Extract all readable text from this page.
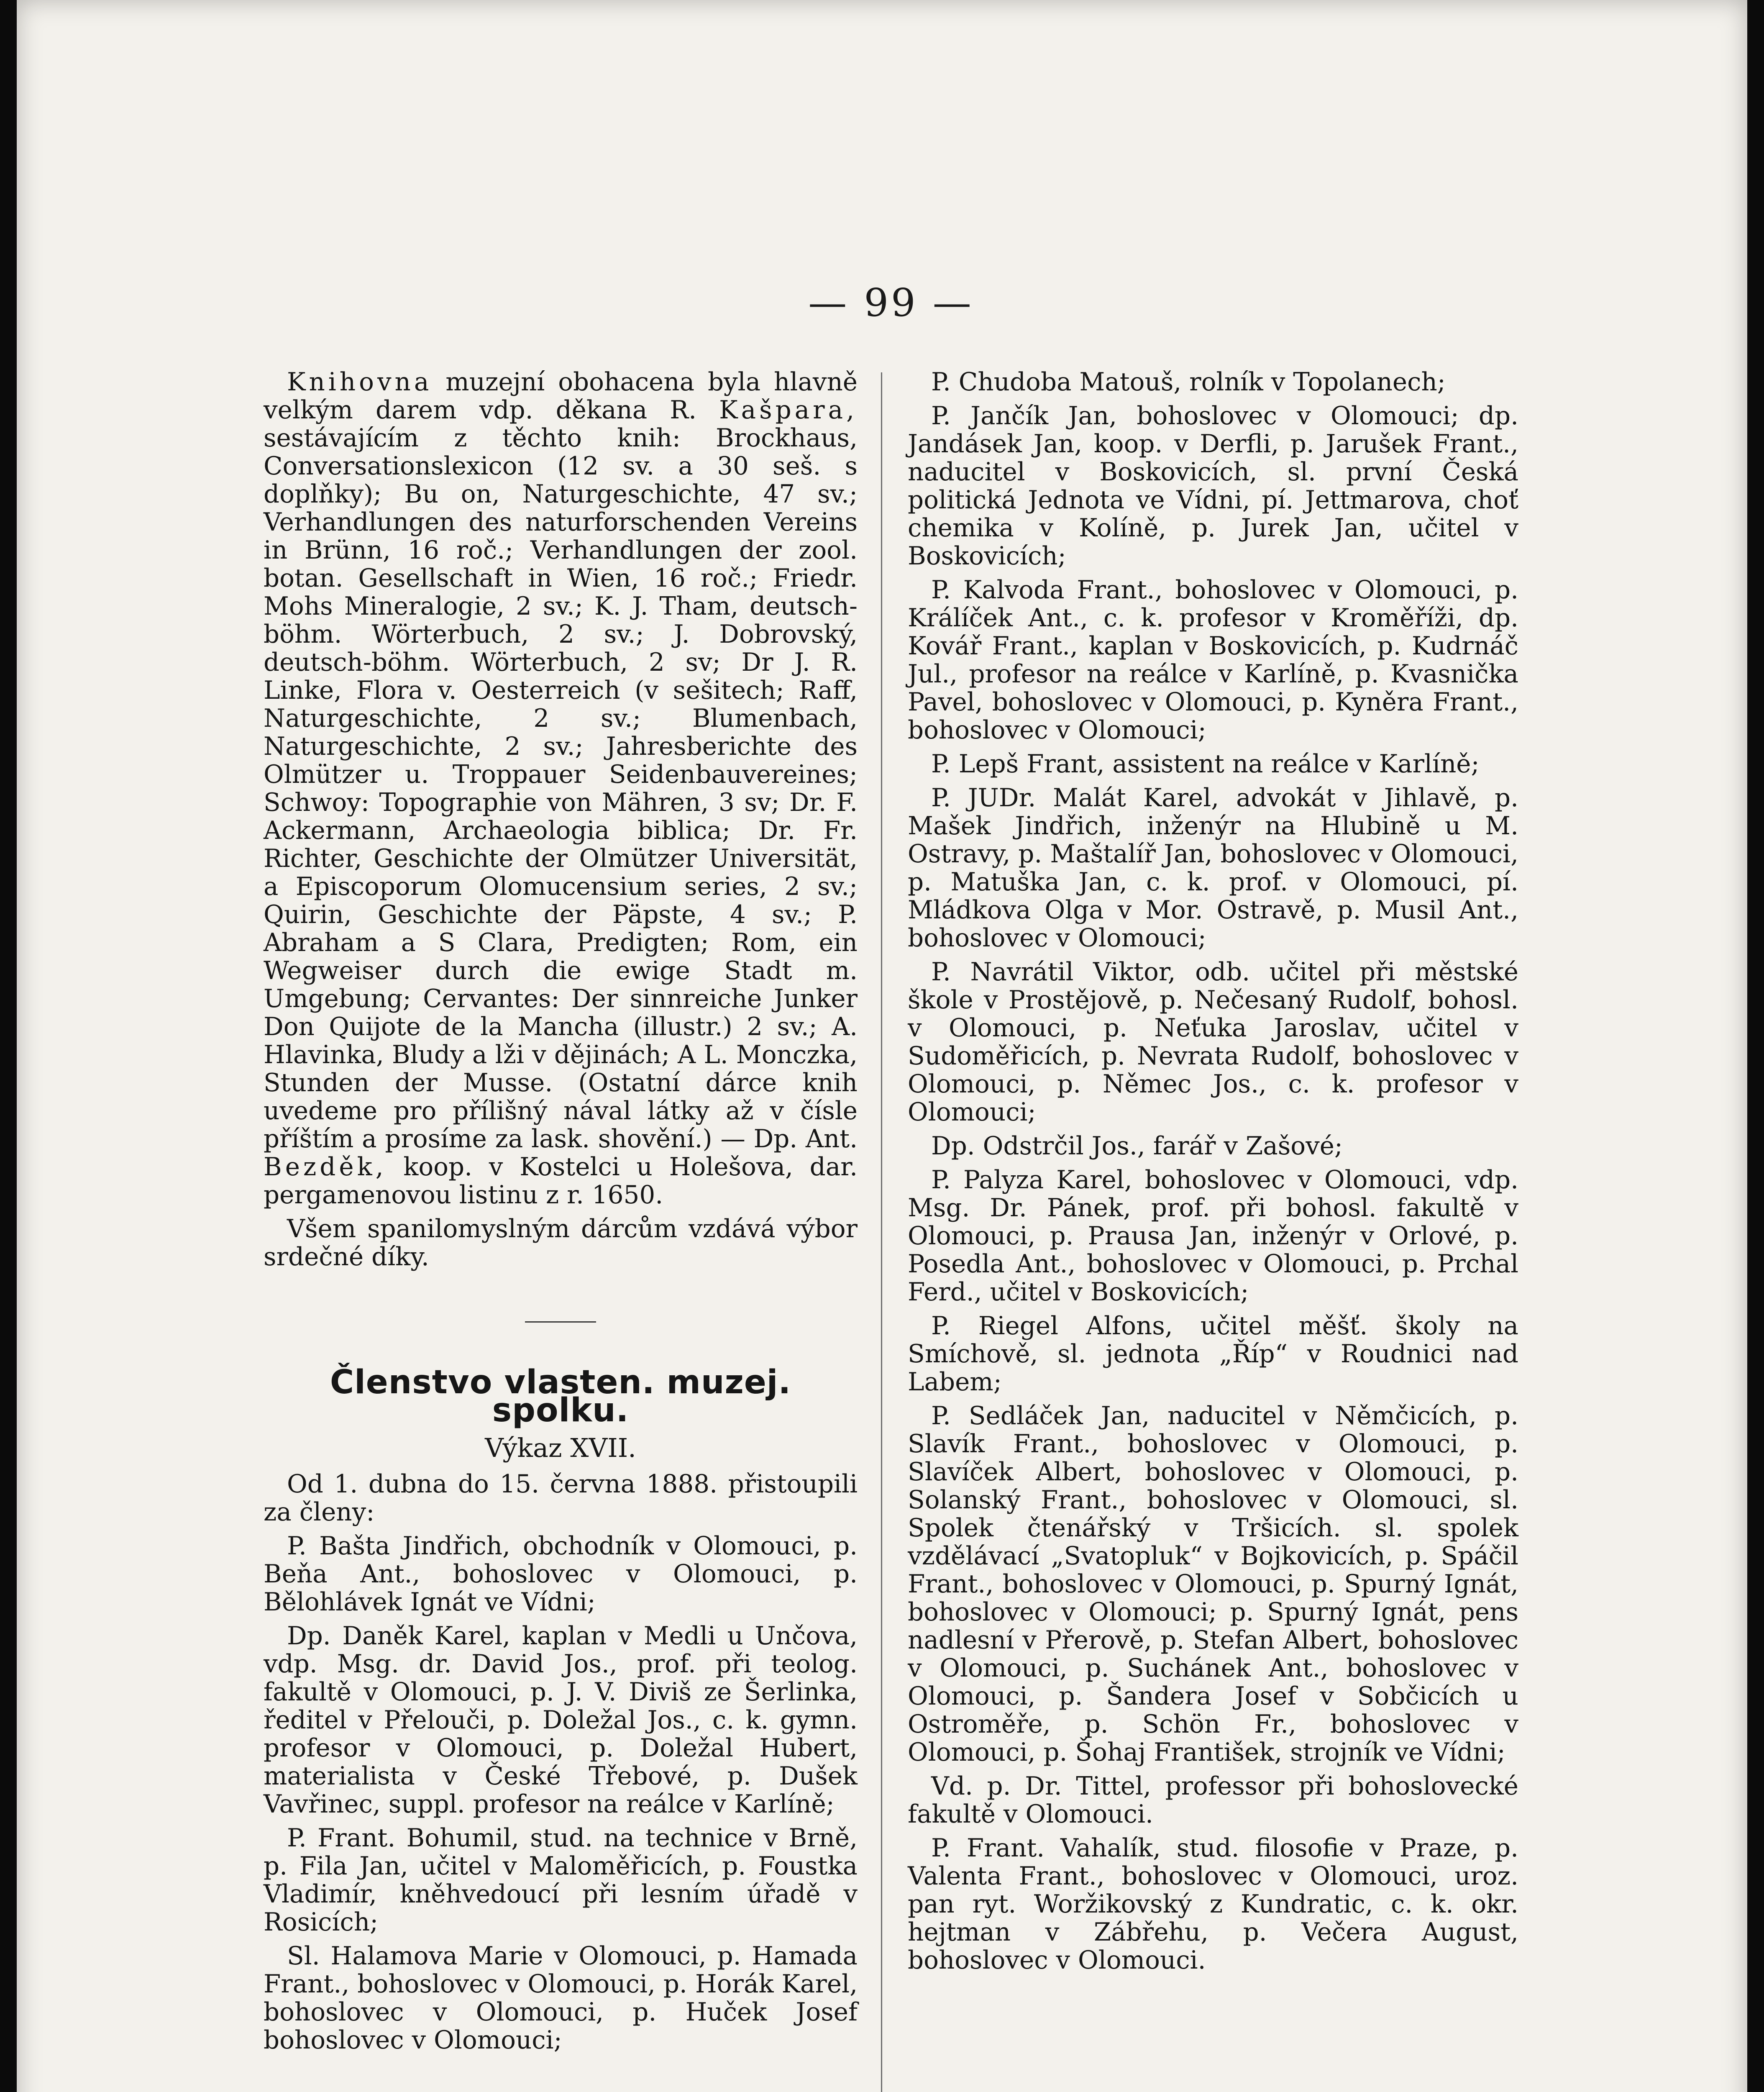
— 99 —

Knihovna muzejní obohacena byla hlavně velkým darem vdp. děkana R. Kašpara, sestávajícím z těchto knih: Brockhaus, Conversationslexicon (12 sv. a 30 seš. s doplňky); Bu on, Naturgeschichte, 47 sv.; Verhandlungen des naturforschenden Vereins in Brünn, 16 roč.; Verhandlungen der zool. botan. Gesellschaft in Wien, 16 roč.; Friedr. Mohs Mineralogie, 2 sv.; K. J. Tham, deutsch-böhm. Wörterbuch, 2 sv.; J. Dobrovský, deutsch-böhm. Wörterbuch, 2 sv; Dr J. R. Linke, Flora v. Oesterreich (v sešitech; Raff, Naturgeschichte, 2 sv.; Blumenbach, Naturgeschichte, 2 sv.; Jahresberichte des Olmützer u. Troppauer Seidenbauvereines; Schwoy: Topographie von Mähren, 3 sv; Dr. F. Ackermann, Archaeologia biblica; Dr. Fr. Richter, Geschichte der Olmützer Universität, a Episcoporum Olomucensium series, 2 sv.; Quirin, Geschichte der Päpste, 4 sv.; P. Abraham a S Clara, Predigten; Rom, ein Wegweiser durch die ewige Stadt m. Umgebung; Cervantes: Der sinnreiche Junker Don Quijote de la Mancha (illustr.) 2 sv.; A. Hlavinka, Bludy a lži v dějinách; A L. Monczka, Stunden der Musse. (Ostatní dárce knih uvedeme pro přílišný nával látky až v čísle příštím a prosíme za lask. shovění.) — Dp. Ant. Bezděk, koop. v Kostelci u Holešova, dar. pergamenovou listinu z r. 1650.

Všem spanilomyslným dárcům vzdává výbor srdečné díky.

Členstvo vlasten. muzej. spolku.
Výkaz XVII.

Od 1. dubna do 15. června 1888. přistoupili za členy:

P. Bašta Jindřich, obchodník v Olomouci, p. Beňa Ant., bohoslovec v Olomouci, p. Bělohlávek Ignát ve Vídni;

Dp. Daněk Karel, kaplan v Medli u Unčova, vdp. Msg. dr. David Jos., prof. při teolog. fakultě v Olomouci, p. J. V. Diviš ze Šerlinka, ředitel v Přelouči, p. Doležal Jos., c. k. gymn. profesor v Olomouci, p. Doležal Hubert, materialista v České Třebové, p. Dušek Vavřinec, suppl. profesor na reálce v Karlíně;

P. Frant. Bohumil, stud. na technice v Brně, p. Fila Jan, učitel v Maloměřicích, p. Foustka Vladimír, kněhvedoucí při lesním úřadě v Rosicích;

Sl. Halamova Marie v Olomouci, p. Hamada Frant., bohoslovec v Olomouci, p. Horák Karel, bohoslovec v Olomouci, p. Huček Josef bohoslovec v Olomouci;

P. Chudoba Matouš, rolník v Topolanech;

P. Jančík Jan, bohoslovec v Olomouci; dp. Jandásek Jan, koop. v Derfli, p. Jarušek Frant., naducitel v Boskovicích, sl. první Česká politická Jednota ve Vídni, pí. Jettmarova, choť chemika v Kolíně, p. Jurek Jan, učitel v Boskovicích;

P. Kalvoda Frant., bohoslovec v Olomouci, p. Králíček Ant., c. k. profesor v Kroměříži, dp. Kovář Frant., kaplan v Boskovicích, p. Kudrnáč Jul., profesor na reálce v Karlíně, p. Kvasnička Pavel, bohoslovec v Olomouci, p. Kyněra Frant., bohoslovec v Olomouci;

P. Lepš Frant, assistent na reálce v Karlíně;

P. JUDr. Malát Karel, advokát v Jihlavě, p. Mašek Jindřich, inženýr na Hlubině u M. Ostravy, p. Maštalíř Jan, bohoslovec v Olomouci, p. Matuška Jan, c. k. prof. v Olomouci, pí. Mládkova Olga v Mor. Ostravě, p. Musil Ant., bohoslovec v Olomouci;

P. Navrátil Viktor, odb. učitel při městské škole v Prostějově, p. Nečesaný Rudolf, bohosl. v Olomouci, p. Neťuka Jaroslav, učitel v Sudoměřicích, p. Nevrata Rudolf, bohoslovec v Olomouci, p. Němec Jos., c. k. profesor v Olomouci;

Dp. Odstrčil Jos., farář v Zašové;

P. Palyza Karel, bohoslovec v Olomouci, vdp. Msg. Dr. Pánek, prof. při bohosl. fakultě v Olomouci, p. Prausa Jan, inženýr v Orlové, p. Posedla Ant., bohoslovec v Olomouci, p. Prchal Ferd., učitel v Boskovicích;

P. Riegel Alfons, učitel měšť. školy na Smíchově, sl. jednota „Říp“ v Roudnici nad Labem;

P. Sedláček Jan, naducitel v Němčicích, p. Slavík Frant., bohoslovec v Olomouci, p. Slavíček Albert, bohoslovec v Olomouci, p. Solanský Frant., bohoslovec v Olomouci, sl. Spolek čtenářský v Tršicích. sl. spolek vzdělávací „Svatopluk“ v Bojkovicích, p. Spáčil Frant., bohoslovec v Olomouci, p. Spurný Ignát, bohoslovec v Olomouci; p. Spurný Ignát, pens nadlesní v Přerově, p. Stefan Albert, bohoslovec v Olomouci, p. Suchánek Ant., bohoslovec v Olomouci, p. Šandera Josef v Sobčicích u Ostroměře, p. Schön Fr., bohoslovec v Olomouci, p. Šohaj František, strojník ve Vídni;

Vd. p. Dr. Tittel, professor při bohoslovecké fakultě v Olomouci.

P. Frant. Vahalík, stud. filosofie v Praze, p. Valenta Frant., bohoslovec v Olomouci, uroz. pan ryt. Woržikovský z Kundratic, c. k. okr. hejtman v Zábřehu, p. Večera August, bohoslovec v Olomouci.
